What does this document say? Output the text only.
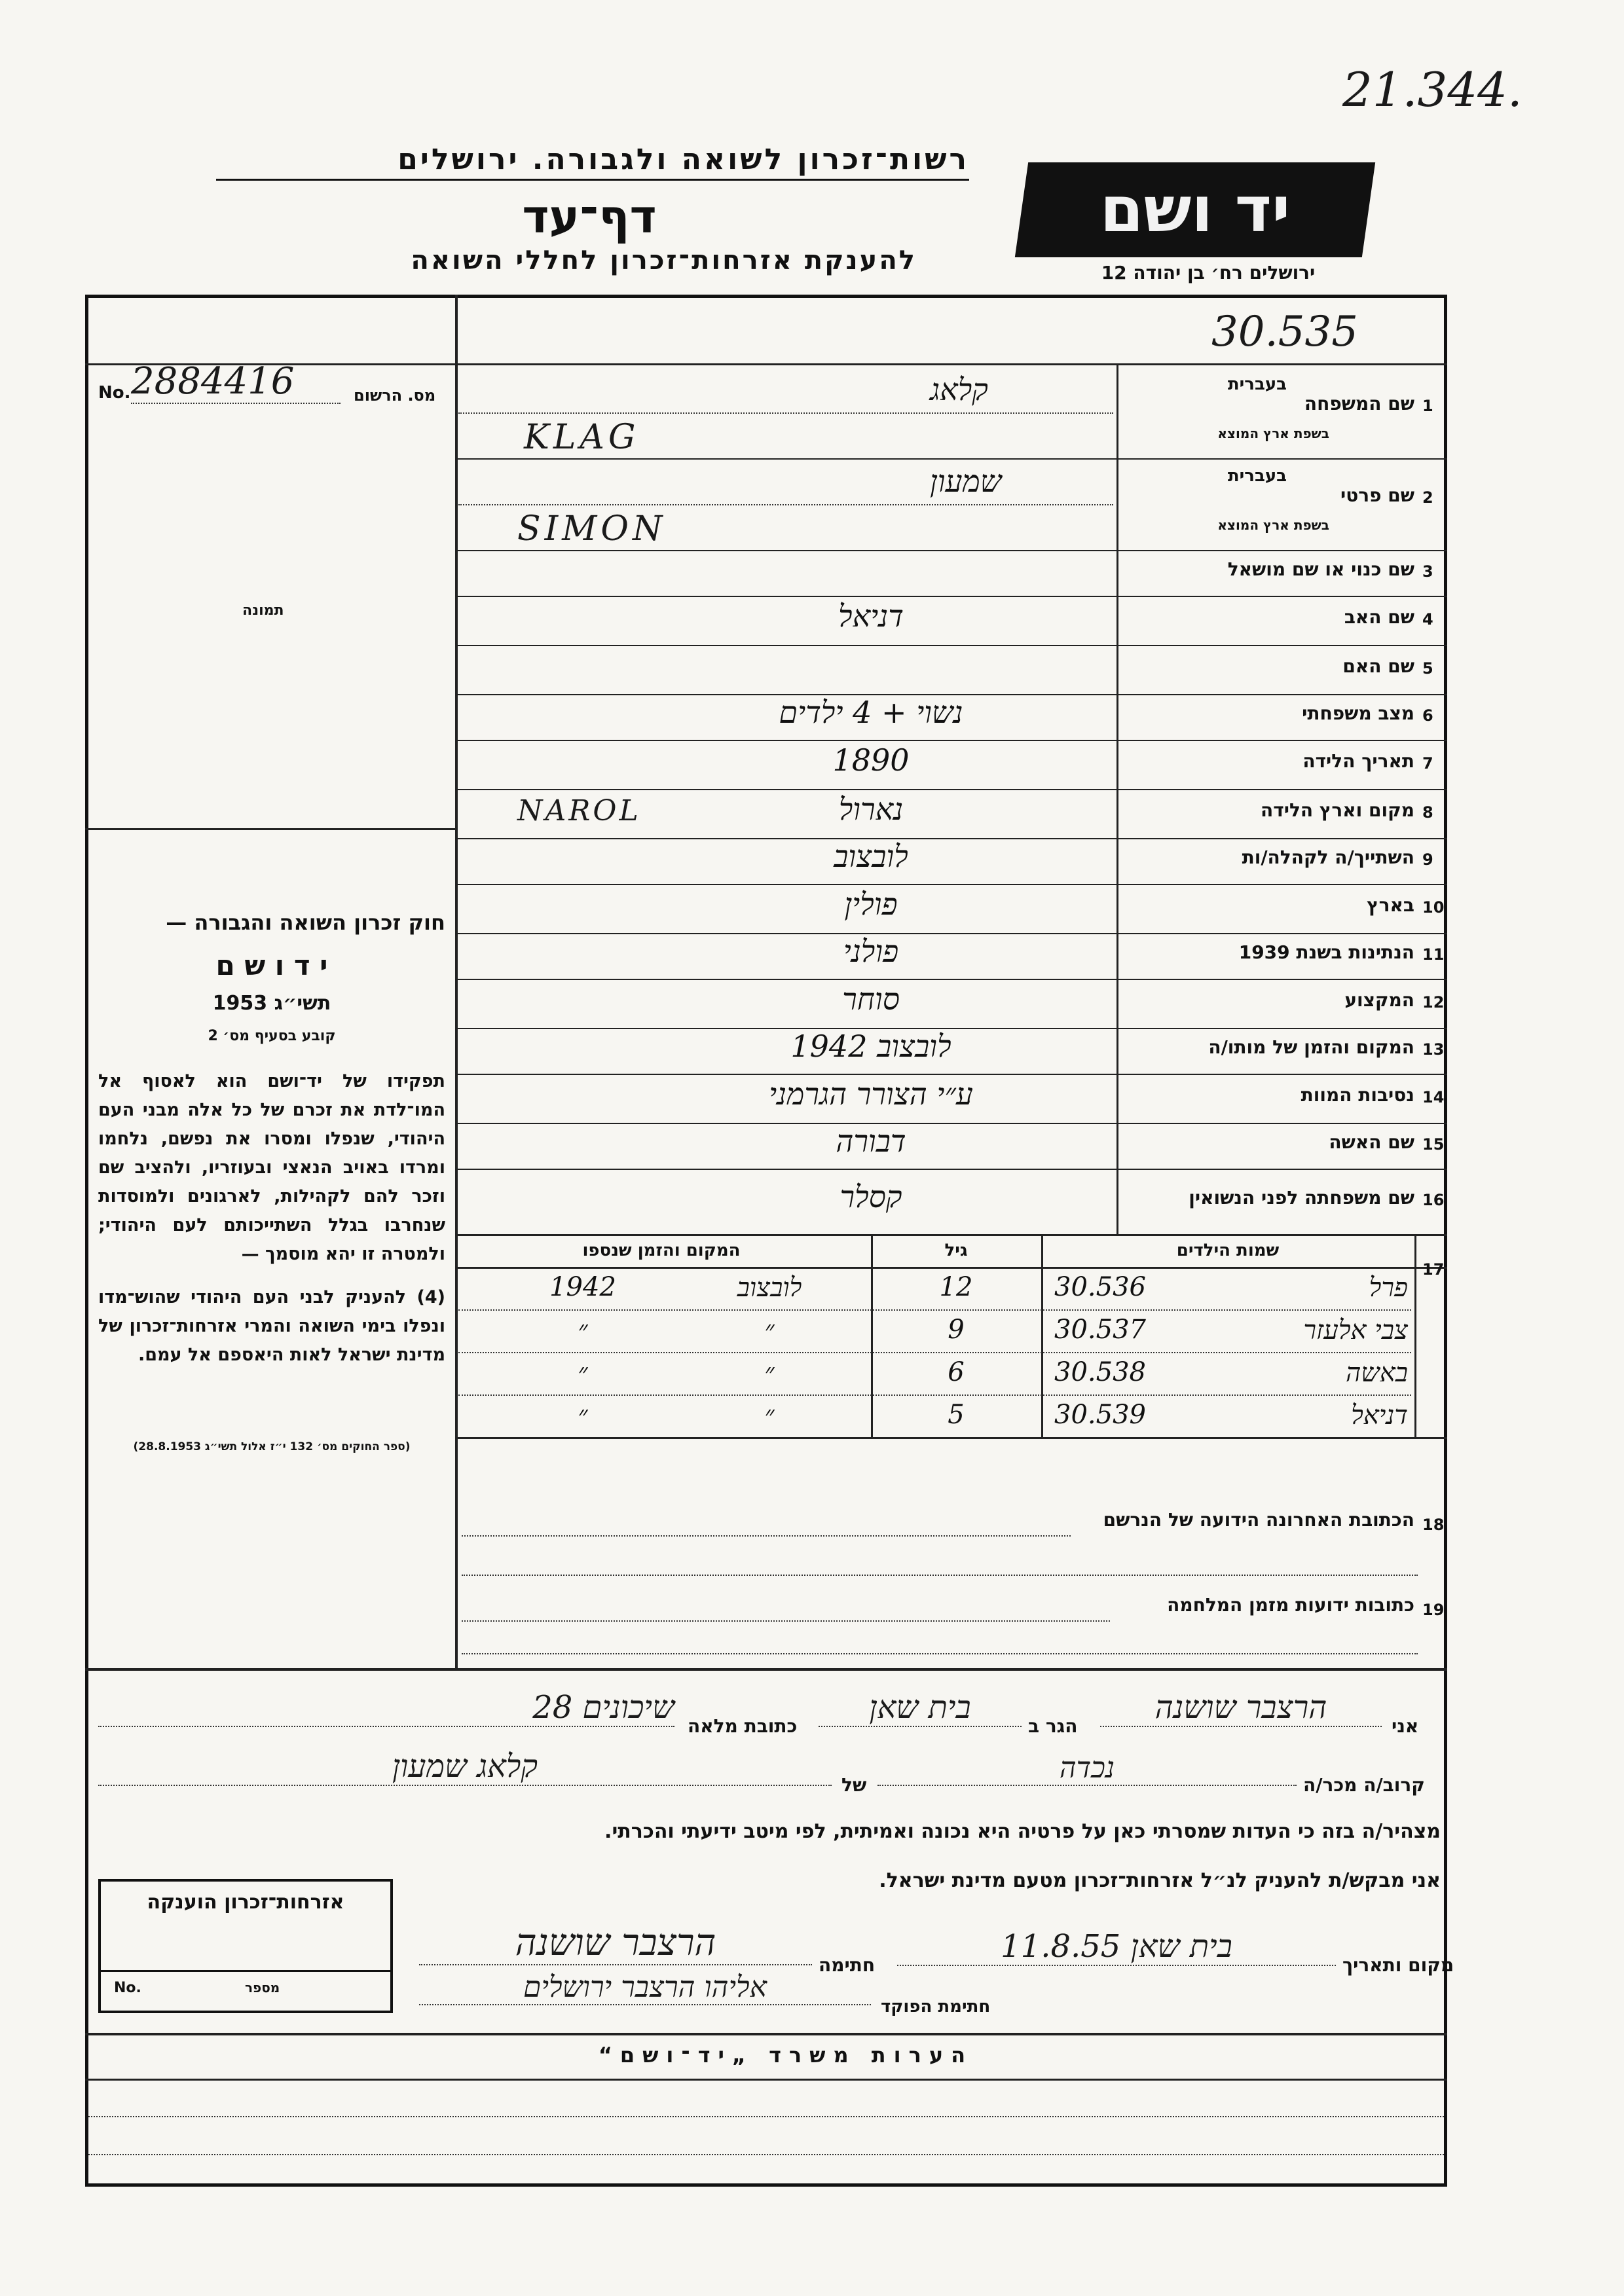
21.344.
רשות־זכרון לשואה ולגבורה. ירושלים
דף־עד
להענקת אזרחות־זכרון לחללי השואה
יד ושם
ירושלים רח׳ בן יהודה 12
30.535
No. 2884416	מס. הרשום
תמונה
חוק זכרון השואה והגבורה —
י ד ו ש ם
תשי״ג 1953
קובע בסעיף מס׳ 2
תפקידו של יד־ושם הוא לאסוף אל המו־לדת את זכרם של כל אלה מבני העם היהודי, שנפלו ומסרו את נפשם, נלחמו ומרדו באויב הנאצי ובעוזריו, ולהציב שם וזכר להם לקהילות, לארגונים ולמוסדות שנחרבו בגלל השתייכותם לעם היהודי; ולמטרה זו יהא מוסמך —
(4) להעניק לבני העם היהודי שהוש־מדו ונפלו בימי השואה והמרי אזרחות־זכרון של מדינת ישראל לאות היאספם אל עמם.
(ספר החוקים מס׳ 132 י״ז אלול תשי״ג 28.8.1953)
1
שם המשפחה
בעברית
בשפת ארץ המוצא
קלאג
KLAG
2
שם פרטי
בעברית
בשפת ארץ המוצא
שמעון
SIMON
3
שם כנוי או שם מושאל
4
שם האב
דניאל
5
שם האם
6
מצב משפחתי
נשוי + 4 ילדים
7
תאריך הלידה
1890
8
מקום וארץ הלידה
נארול
NAROL
9
השתייך/ה לקהלה/ות
לובצוב
10
בארץ
פולין
11
הנתינות בשנת 1939
פולני
12
המקצוע
סוחר
13
המקום והזמן של מותו/ה
לובצוב 1942
14
נסיבות המוות
ע״י הצורר הגרמני
15
שם האשה
דבורה
16
שם משפחתה לפני הנשואין
קסלר
17
שמות הילדים
גיל
המקום והזמן שנספו
פרל
30.536
12
לובצוב
1942
צבי אלעזר
30.537
9
״
״
באשה
30.538
6
״
״
דניאל
30.539
5
״
״
18
הכתובת האחרונה הידועה של הנרשם
19
כתובות ידועות מזמן המלחמה
אני
הרצבר שושנה
הגר ב
בית שאן
כתובת מלאה
שיכונים 28
קרוב/ה מכר/ה
נכדה
של
קלאג שמעון
מצהיר/ה בזה כי העדות שמסרתי כאן על פרטיה היא נכונה ואמיתית, לפי מיטב ידיעתי והכרתי.
אני מבקש/ת להעניק לנ״ל אזרחות־זכרון מטעם מדינת ישראל.
מקום ותאריך
בית שאן 11.8.55
חתימה
הרצבר שושנה
חתימת הפוקד
אליהו הרצבר ירושלים
אזרחות־זכרון הוענקה
No.	מספר
הערות משרד „יד־ושם“
